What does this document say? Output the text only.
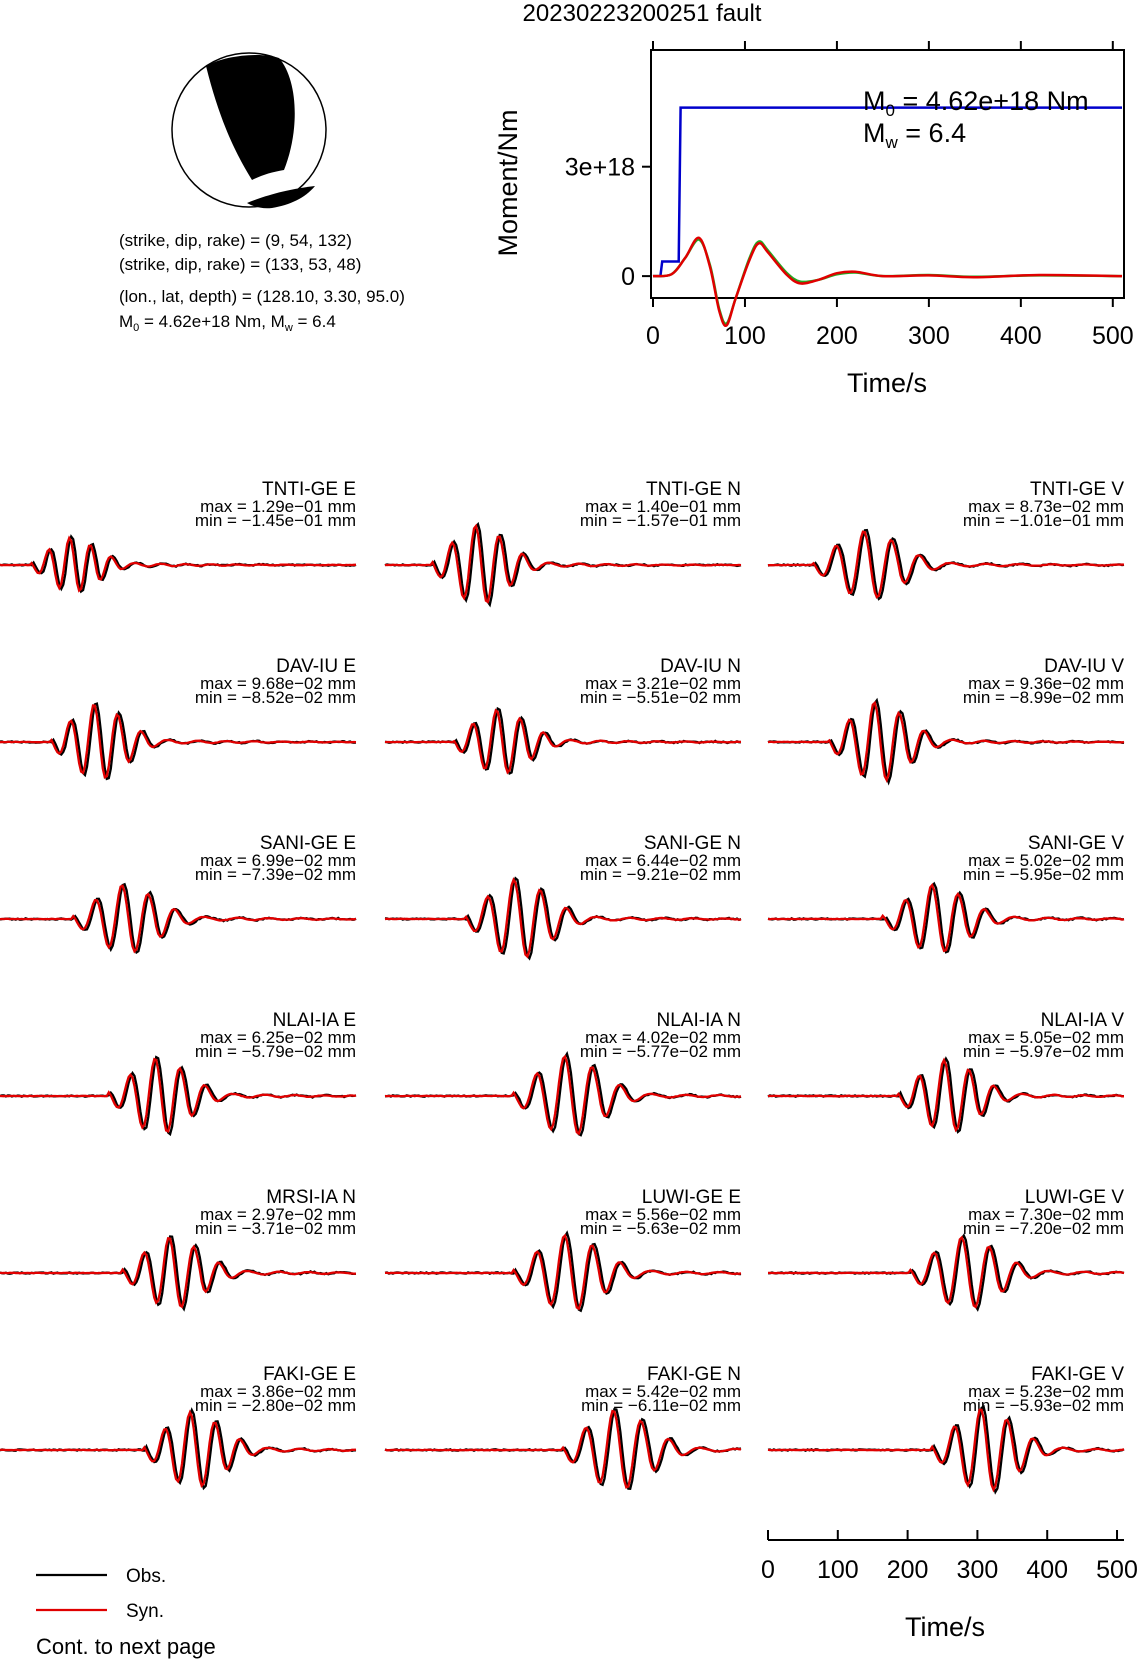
20230223200251 fault
(strike, dip, rake) = (9, 54, 132)
(strike, dip, rake) = (133, 53, 48)
(lon., lat, depth) = (128.10, 3.30, 95.0)
$M_0 = 4.62e+18$ Nm, $M_w = 6.4$
0	100 200 300 400 500
0
3e+18
Moment/Nm
Time/s
$M_0 = 4.62e+18$ Nm
$M_w = 6.4$
TNTI-GE E
max = 1.29e−01 mm
min = −1.45e−01 mm
TNTI-GE N
max = 1.40e−01 mm
min = −1.57e−01 mm
TNTI-GE V
max = 8.73e−02 mm
min = −1.01e−01 mm
DAV-IU E
max = 9.68e−02 mm
min = −8.52e−02 mm
DAV-IU N
max = 3.21e−02 mm
min = −5.51e−02 mm
DAV-IU V
max = 9.36e−02 mm
min = −8.99e−02 mm
SANI-GE E
max = 6.99e−02 mm
min = −7.39e−02 mm
SANI-GE N
max = 6.44e−02 mm
min = −9.21e−02 mm
SANI-GE V
max = 5.02e−02 mm
min = −5.95e−02 mm
NLAI-IA E
max = 6.25e−02 mm
min = −5.79e−02 mm
NLAI-IA N
max = 4.02e−02 mm
min = −5.77e−02 mm
NLAI-IA V
max = 5.05e−02 mm
min = −5.97e−02 mm
MRSI-IA N
max = 2.97e−02 mm
min = −3.71e−02 mm
LUWI-GE E
max = 5.56e−02 mm
min = −5.63e−02 mm
LUWI-GE V
max = 7.30e−02 mm
min = −7.20e−02 mm
FAKI-GE E
max = 3.86e−02 mm
min = −2.80e−02 mm
FAKI-GE N
max = 5.42e−02 mm
min = −6.11e−02 mm
FAKI-GE V
max = 5.23e−02 mm
min = −5.93e−02 mm
0 100 200 300 400 500
Time/s
Obs.
Syn.
Cont. to next page
